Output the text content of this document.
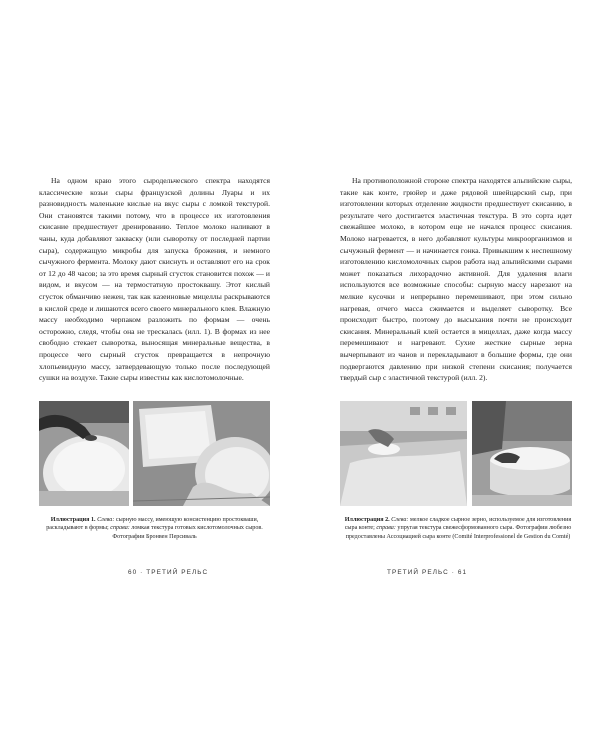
На одном краю этого сыродельческого спектра находятся классические козьи сыры французской долины Луары и их разновидность маленькие кислые на вкус сыры с ломкой текстурой. Они становятся такими потому, что в процессе их изготовления скисание предшествует дренированию. Теплое молоко наливают в чаны, куда добавляют закваску (или сыворотку от последней партии сыра), содержащую микробы для запуска брожения, и немного сычужного фермента. Молоку дают скиснуть и оставляют его на срок от 12 до 48 часов; за это время сырный сгусток становится похож — и видом, и вкусом — на термостатную простоквашу. Этот кислый сгусток обманчиво нежен, так как казеиновые мицеллы раскрываются в кислой среде и лишаются всего своего минерального клея. Влажную массу необходимо черпаком разложить по формам — очень осторожно, следя, чтобы она не трескалась (илл. 1). В формах из нее свободно стекает сыворотка, выносящая минеральные вещества, в процессе чего сырный сгусток превращается в непрочную хлопьевидную массу, затвердевающую только после последующей сушки на воздухе. Такие сыры известны как кислотомолочные.

Иллюстрация 1. Слева: сырную массу, имеющую консистенцию простокваши, раскладывают в формы; справа: ломкая текстура готовых кислотомолочных сыров. Фотографии Бронвен Персиваль

60 · ТРЕТИЙ РЕЛЬС

На противоположной стороне спектра находятся альпийские сыры, такие как конте, грюйер и даже рядовой швейцарский сыр, при изготовлении которых отделение жидкости предшествует скисанию, в результате чего достигается эластичная текстура. В это сорта идет свежайшее молоко, в котором еще не начался процесс скисания. Молоко нагревается, в него добавляют культуры микроорганизмов и сычужный фермент — и начинается гонка. Привыкшим к неспешному изготовлению кисломолочных сыров работа над альпийскими сырами может показаться лихорадочно активной. Для удаления влаги используются все возможные способы: сырную массу нарезают на мелкие кусочки и непрерывно перемешивают, при этом сильно нагревая, отчего масса сжимается и выделяет сыворотку. Все происходит быстро, поэтому до высыхания почти не происходит скисания. Минеральный клей остается в мицеллах, даже когда массу перемешивают и нагревают. Сухие жесткие сырные зерна вычерпывают из чанов и перекладывают в большие формы, где они подвергаются давлению при низкой степени скисания; получается твердый сыр с эластичной текстурой (илл. 2).

Иллюстрация 2. Слева: мелкое сладкое сырное зерно, используемое для изготовления сыра конте; справа: упругая текстура свежесформованного сыра. Фотографии любезно предоставлены Ассоциацией сыра конте (Comité Interprofessionel de Gestion du Comté)

ТРЕТИЙ РЕЛЬС · 61
